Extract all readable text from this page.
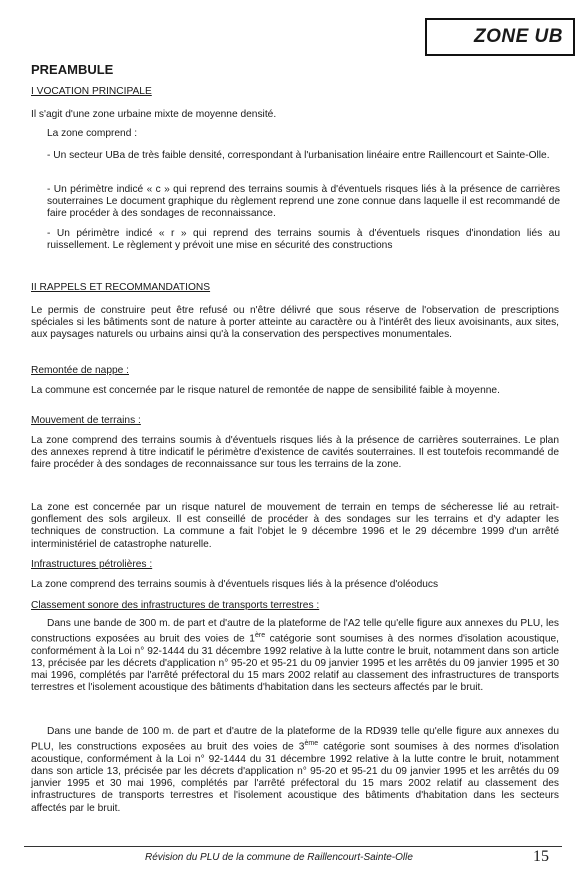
ZONE UB
PREAMBULE

I VOCATION PRINCIPALE

Il s'agit d'une zone urbaine mixte de moyenne densité.

La zone comprend :

- Un secteur UBa de très faible densité, correspondant à l'urbanisation linéaire entre Raillencourt et Sainte-Olle.

- Un périmètre indicé « c » qui reprend des terrains soumis à d'éventuels risques liés à la présence de carrières souterraines Le document graphique du règlement reprend une zone connue dans laquelle il est recommandé de faire procéder à des sondages de reconnaissance.

- Un périmètre indicé « r » qui reprend des terrains soumis à d'éventuels risques d'inondation liés au ruissellement. Le règlement y prévoit une mise en sécurité des constructions

II RAPPELS ET RECOMMANDATIONS

Le permis de construire peut être refusé ou n'être délivré que sous réserve de l'observation de prescriptions spéciales si les bâtiments sont de nature à porter atteinte au caractère ou à l'intérêt des lieux avoisinants, aux sites, aux paysages naturels ou urbains ainsi qu'à la conservation des perspectives monumentales.

Remontée de nappe :

La commune est concernée par le risque naturel de remontée de nappe de sensibilité faible à moyenne.

Mouvement de terrains :

La zone comprend des terrains soumis à d'éventuels risques liés à la présence de carrières souterraines. Le plan des annexes reprend à titre indicatif le périmètre d'existence de cavités souterraines. Il est toutefois recommandé de faire procéder à des sondages de reconnaissance sur tous les terrains de la zone.

La zone est concernée par un risque naturel de mouvement de terrain en temps de sécheresse lié au retrait-gonflement des sols argileux. Il est conseillé de procéder à des sondages sur les terrains et d'y adapter les techniques de construction. La commune a fait l'objet le 9 décembre 1996 et le 29 décembre 1999 d'un arrêté interministériel de catastrophe naturelle.

Infrastructures pétrolières :

La zone comprend des terrains soumis à d'éventuels risques liés à la présence d'oléoducs

Classement sonore des infrastructures de transports terrestres :

Dans une bande de 300 m. de part et d'autre de la plateforme de l'A2 telle qu'elle figure aux annexes du PLU, les constructions exposées au bruit des voies de 1ère catégorie sont soumises à des normes d'isolation acoustique, conformément à la Loi n° 92-1444 du 31 décembre 1992 relative à la lutte contre le bruit, notamment dans son article 13, précisée par les décrets d'application n° 95-20 et 95-21 du 09 janvier 1995 et les arrêtés du 09 janvier 1995 et 30 mai 1996, complétés par l'arrêté préfectoral du 15 mars 2002 relatif au classement des infrastructures de transports terrestres et l'isolement acoustique des bâtiments d'habitation dans les secteurs affectés par le bruit.

Dans une bande de 100 m. de part et d'autre de la plateforme de la RD939 telle qu'elle figure aux annexes du PLU, les constructions exposées au bruit des voies de 3ème catégorie sont soumises à des normes d'isolation acoustique, conformément à la Loi n° 92-1444 du 31 décembre 1992 relative à la lutte contre le bruit, notamment dans son article 13, précisée par les décrets d'application n° 95-20 et 95-21 du 09 janvier 1995 et les arrêtés du 09 janvier 1995 et 30 mai 1996, complétés par l'arrêté préfectoral du 15 mars 2002 relatif au classement des infrastructures de transports terrestres et l'isolement acoustique des bâtiments d'habitation dans les secteurs affectés par le bruit.

Révision du PLU de la commune de Raillencourt-Sainte-Olle	15
